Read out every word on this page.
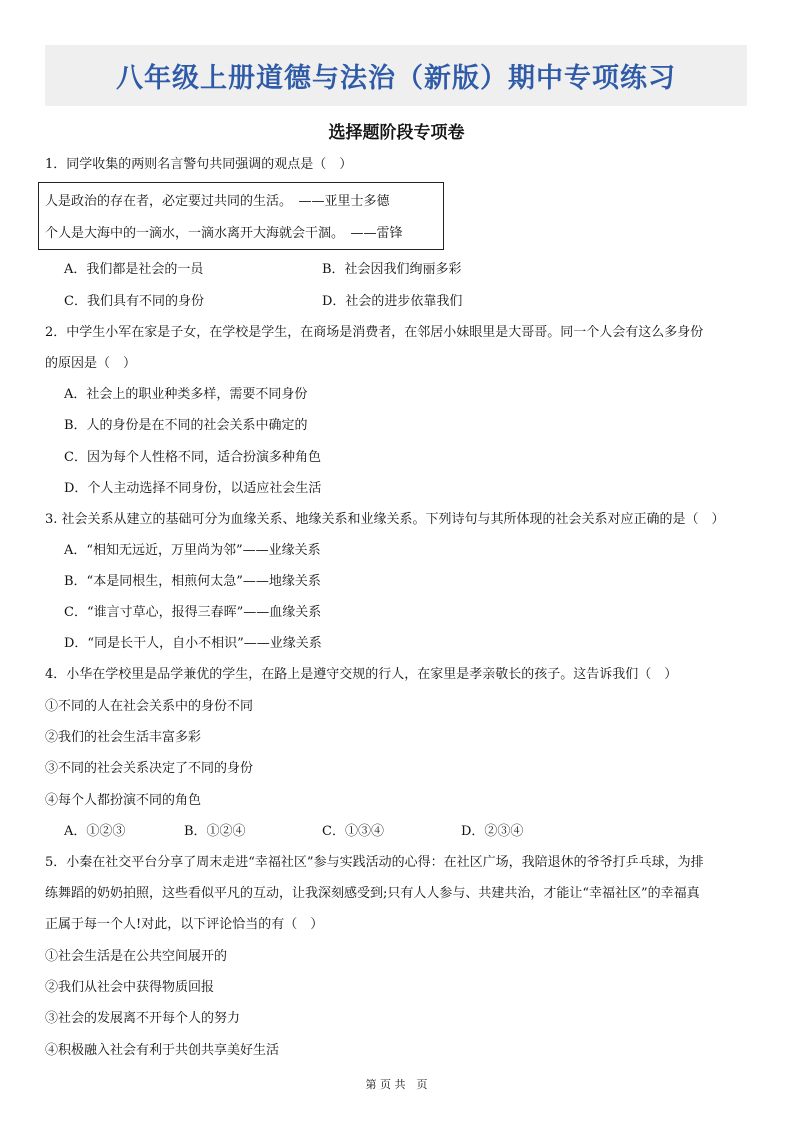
八年级上册道德与法治（新版）期中专项练习
选择题阶段专项卷
1．同学收集的两则名言警句共同强调的观点是（　）
人是政治的存在者，必定要过共同的生活。　——亚里士多德
个人是大海中的一滴水，一滴水离开大海就会干涸。　——雷锋
A．我们都是社会的一员	B．社会因我们绚丽多彩
C．我们具有不同的身份	D．社会的进步依靠我们
2．中学生小军在家是子女，在学校是学生，在商场是消费者，在邻居小妹眼里是大哥哥。同一个人会有这么多身份
的原因是（　）
A．社会上的职业种类多样，需要不同身份
B．人的身份是在不同的社会关系中确定的
C．因为每个人性格不同，适合扮演多种角色
D．个人主动选择不同身份，以适应社会生活
3. 社会关系从建立的基础可分为血缘关系、地缘关系和业缘关系。下列诗句与其所体现的社会关系对应正确的是（　）
A．“相知无远近，万里尚为邻”——业缘关系
B．“本是同根生，相煎何太急”——地缘关系
C．“谁言寸草心，报得三春晖”——血缘关系
D．“同是长干人，自小不相识”——业缘关系
4．小华在学校里是品学兼优的学生，在路上是遵守交规的行人，在家里是孝亲敬长的孩子。这告诉我们（　）
①不同的人在社会关系中的身份不同
②我们的社会生活丰富多彩
③不同的社会关系决定了不同的身份
④每个人都扮演不同的角色
A．①②③	B．①②④	C．①③④	D．②③④
5．小秦在社交平台分享了周末走进“幸福社区”参与实践活动的心得：在社区广场，我陪退休的爷爷打乒乓球，为排
练舞蹈的奶奶拍照，这些看似平凡的互动，让我深刻感受到;只有人人参与、共建共治，才能让“幸福社区”的幸福真
正属于每一个人!对此，以下评论恰当的有（　）
①社会生活是在公共空间展开的
②我们从社会中获得物质回报
③社会的发展离不开每个人的努力
④积极融入社会有利于共创共享美好生活
第 页 共　页
